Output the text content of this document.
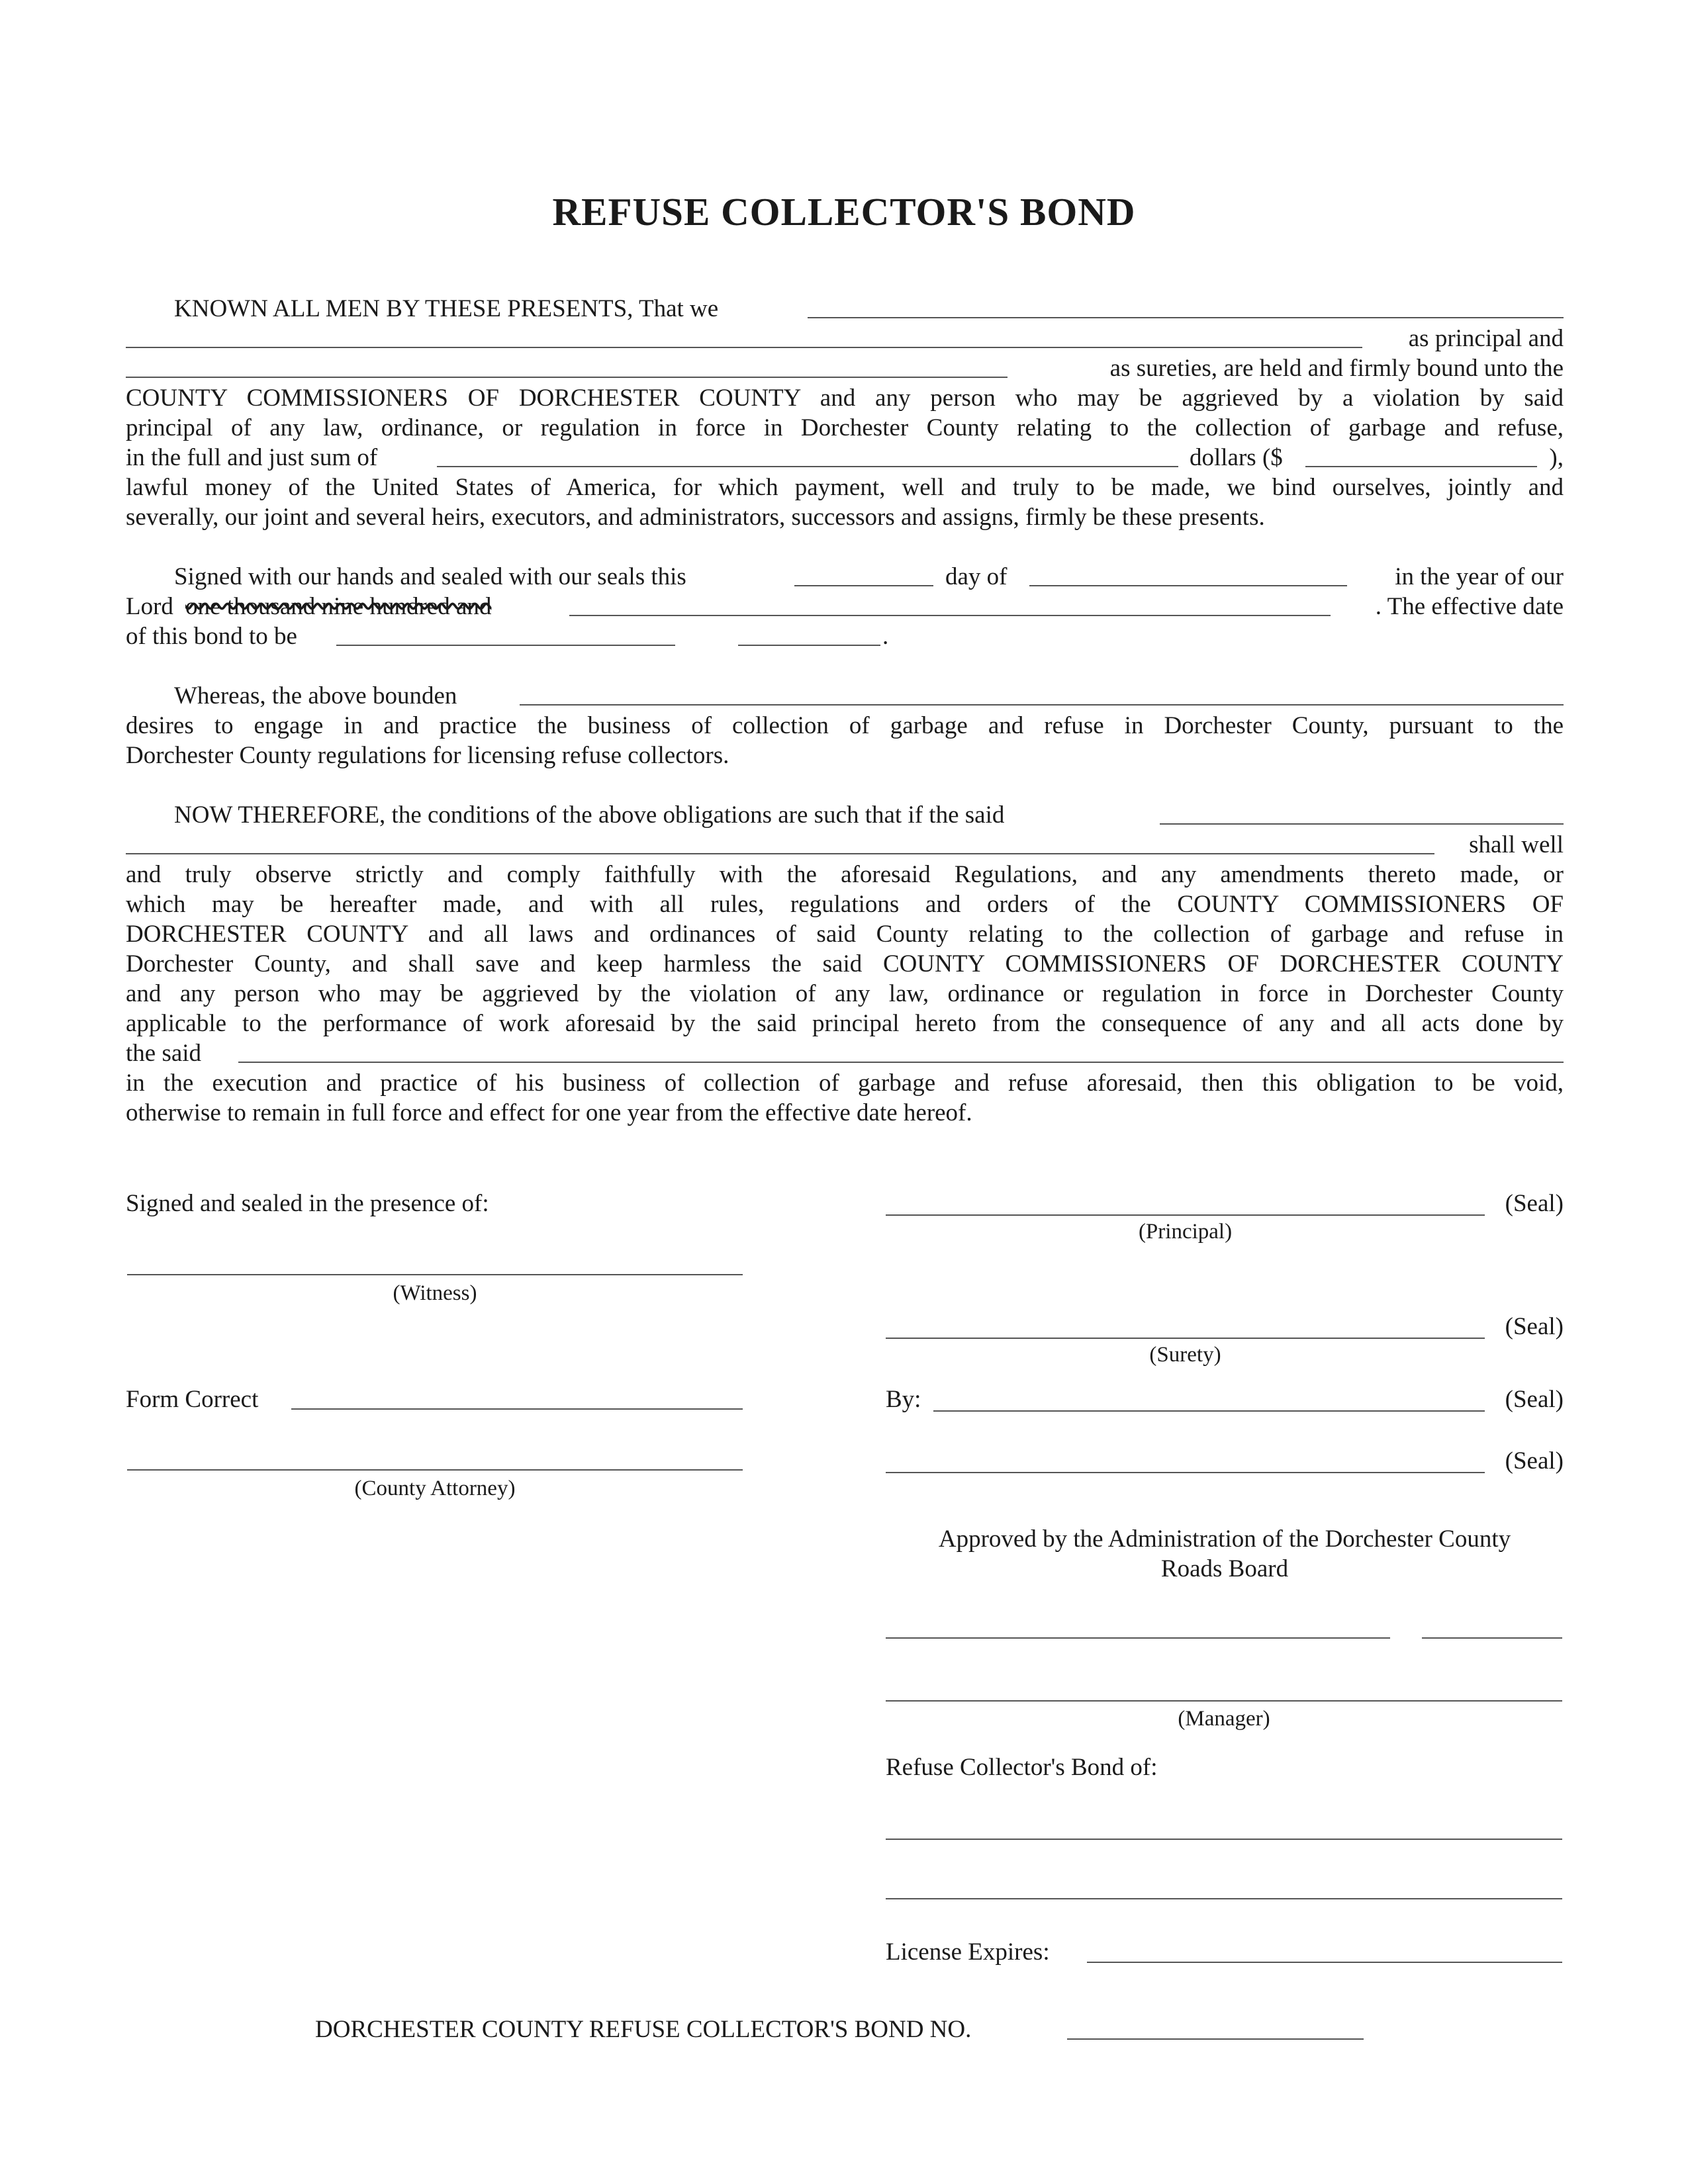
REFUSE COLLECTOR'S BOND
KNOWN ALL MEN BY THESE PRESENTS, That we
as principal and
as sureties, are held and firmly bound unto the
COUNTY COMMISSIONERS OF DORCHESTER COUNTY and any person who may be aggrieved by a violation by said
principal of any law, ordinance, or regulation in force in Dorchester County relating to the collection of garbage and refuse,
in the full and just sum of	dollars ($	),
lawful money of the United States of America, for which payment, well and truly to be made, we bind ourselves, jointly and
severally, our joint and several heirs, executors, and administrators, successors and assigns, firmly be these presents.
Signed with our hands and sealed with our seals this	day of	in the year of our
Lord one thousand nine hundred and	. The effective date
of this bond to be	.
Whereas, the above bounden
desires to engage in and practice the business of collection of garbage and refuse in Dorchester County, pursuant to the
Dorchester County regulations for licensing refuse collectors.
NOW THEREFORE, the conditions of the above obligations are such that if the said
shall well
and truly observe strictly and comply faithfully with the aforesaid Regulations, and any amendments thereto made, or
which may be hereafter made, and with all rules, regulations and orders of the COUNTY COMMISSIONERS OF
DORCHESTER COUNTY and all laws and ordinances of said County relating to the collection of garbage and refuse in
Dorchester County, and shall save and keep harmless the said COUNTY COMMISSIONERS OF DORCHESTER COUNTY
and any person who may be aggrieved by the violation of any law, ordinance or regulation in force in Dorchester County
applicable to the performance of work aforesaid by the said principal hereto from the consequence of any and all acts done by
the said
in the execution and practice of his business of collection of garbage and refuse aforesaid, then this obligation to be void,
otherwise to remain in full force and effect for one year from the effective date hereof.
Signed and sealed in the presence of:
(Witness)
Form Correct
(County Attorney)
(Seal)
(Principal)
(Seal)
(Surety)
By:	(Seal)
(Seal)
Approved by the Administration of the Dorchester County
Roads Board
(Manager)
Refuse Collector's Bond of:
License Expires:
DORCHESTER COUNTY REFUSE COLLECTOR'S BOND NO.
